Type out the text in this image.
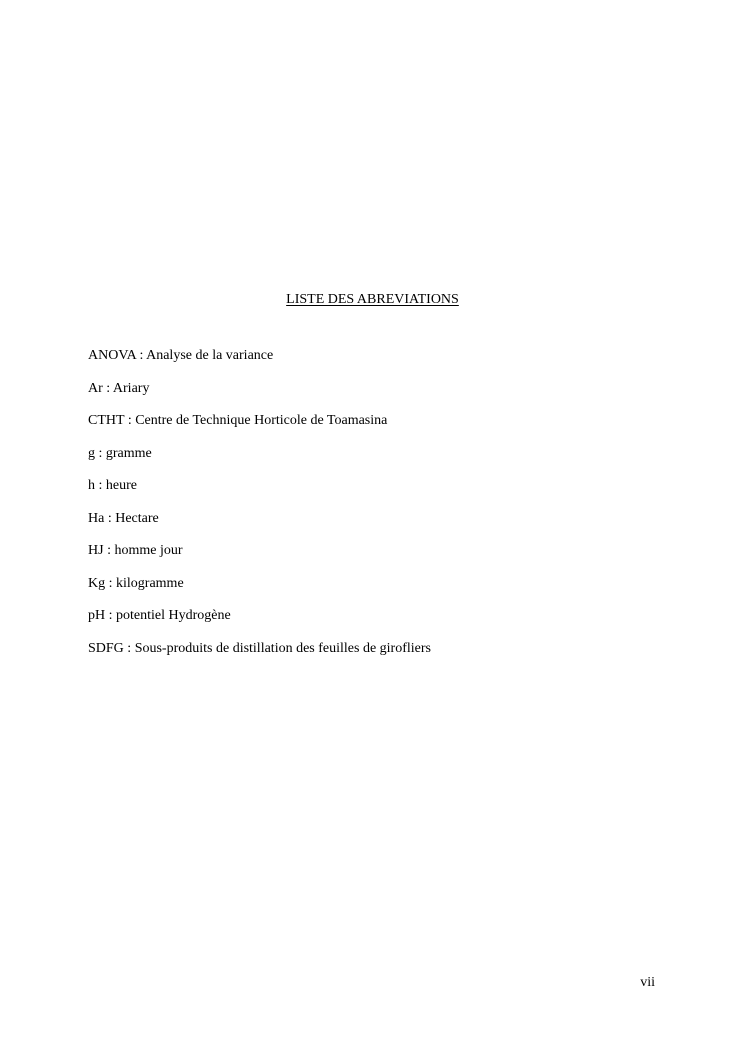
LISTE DES ABREVIATIONS
ANOVA : Analyse de la variance
Ar : Ariary
CTHT : Centre de Technique Horticole de Toamasina
g : gramme
h : heure
Ha : Hectare
HJ : homme jour
Kg : kilogramme
pH : potentiel Hydrogène
SDFG : Sous-produits de distillation des feuilles de girofliers
vii
